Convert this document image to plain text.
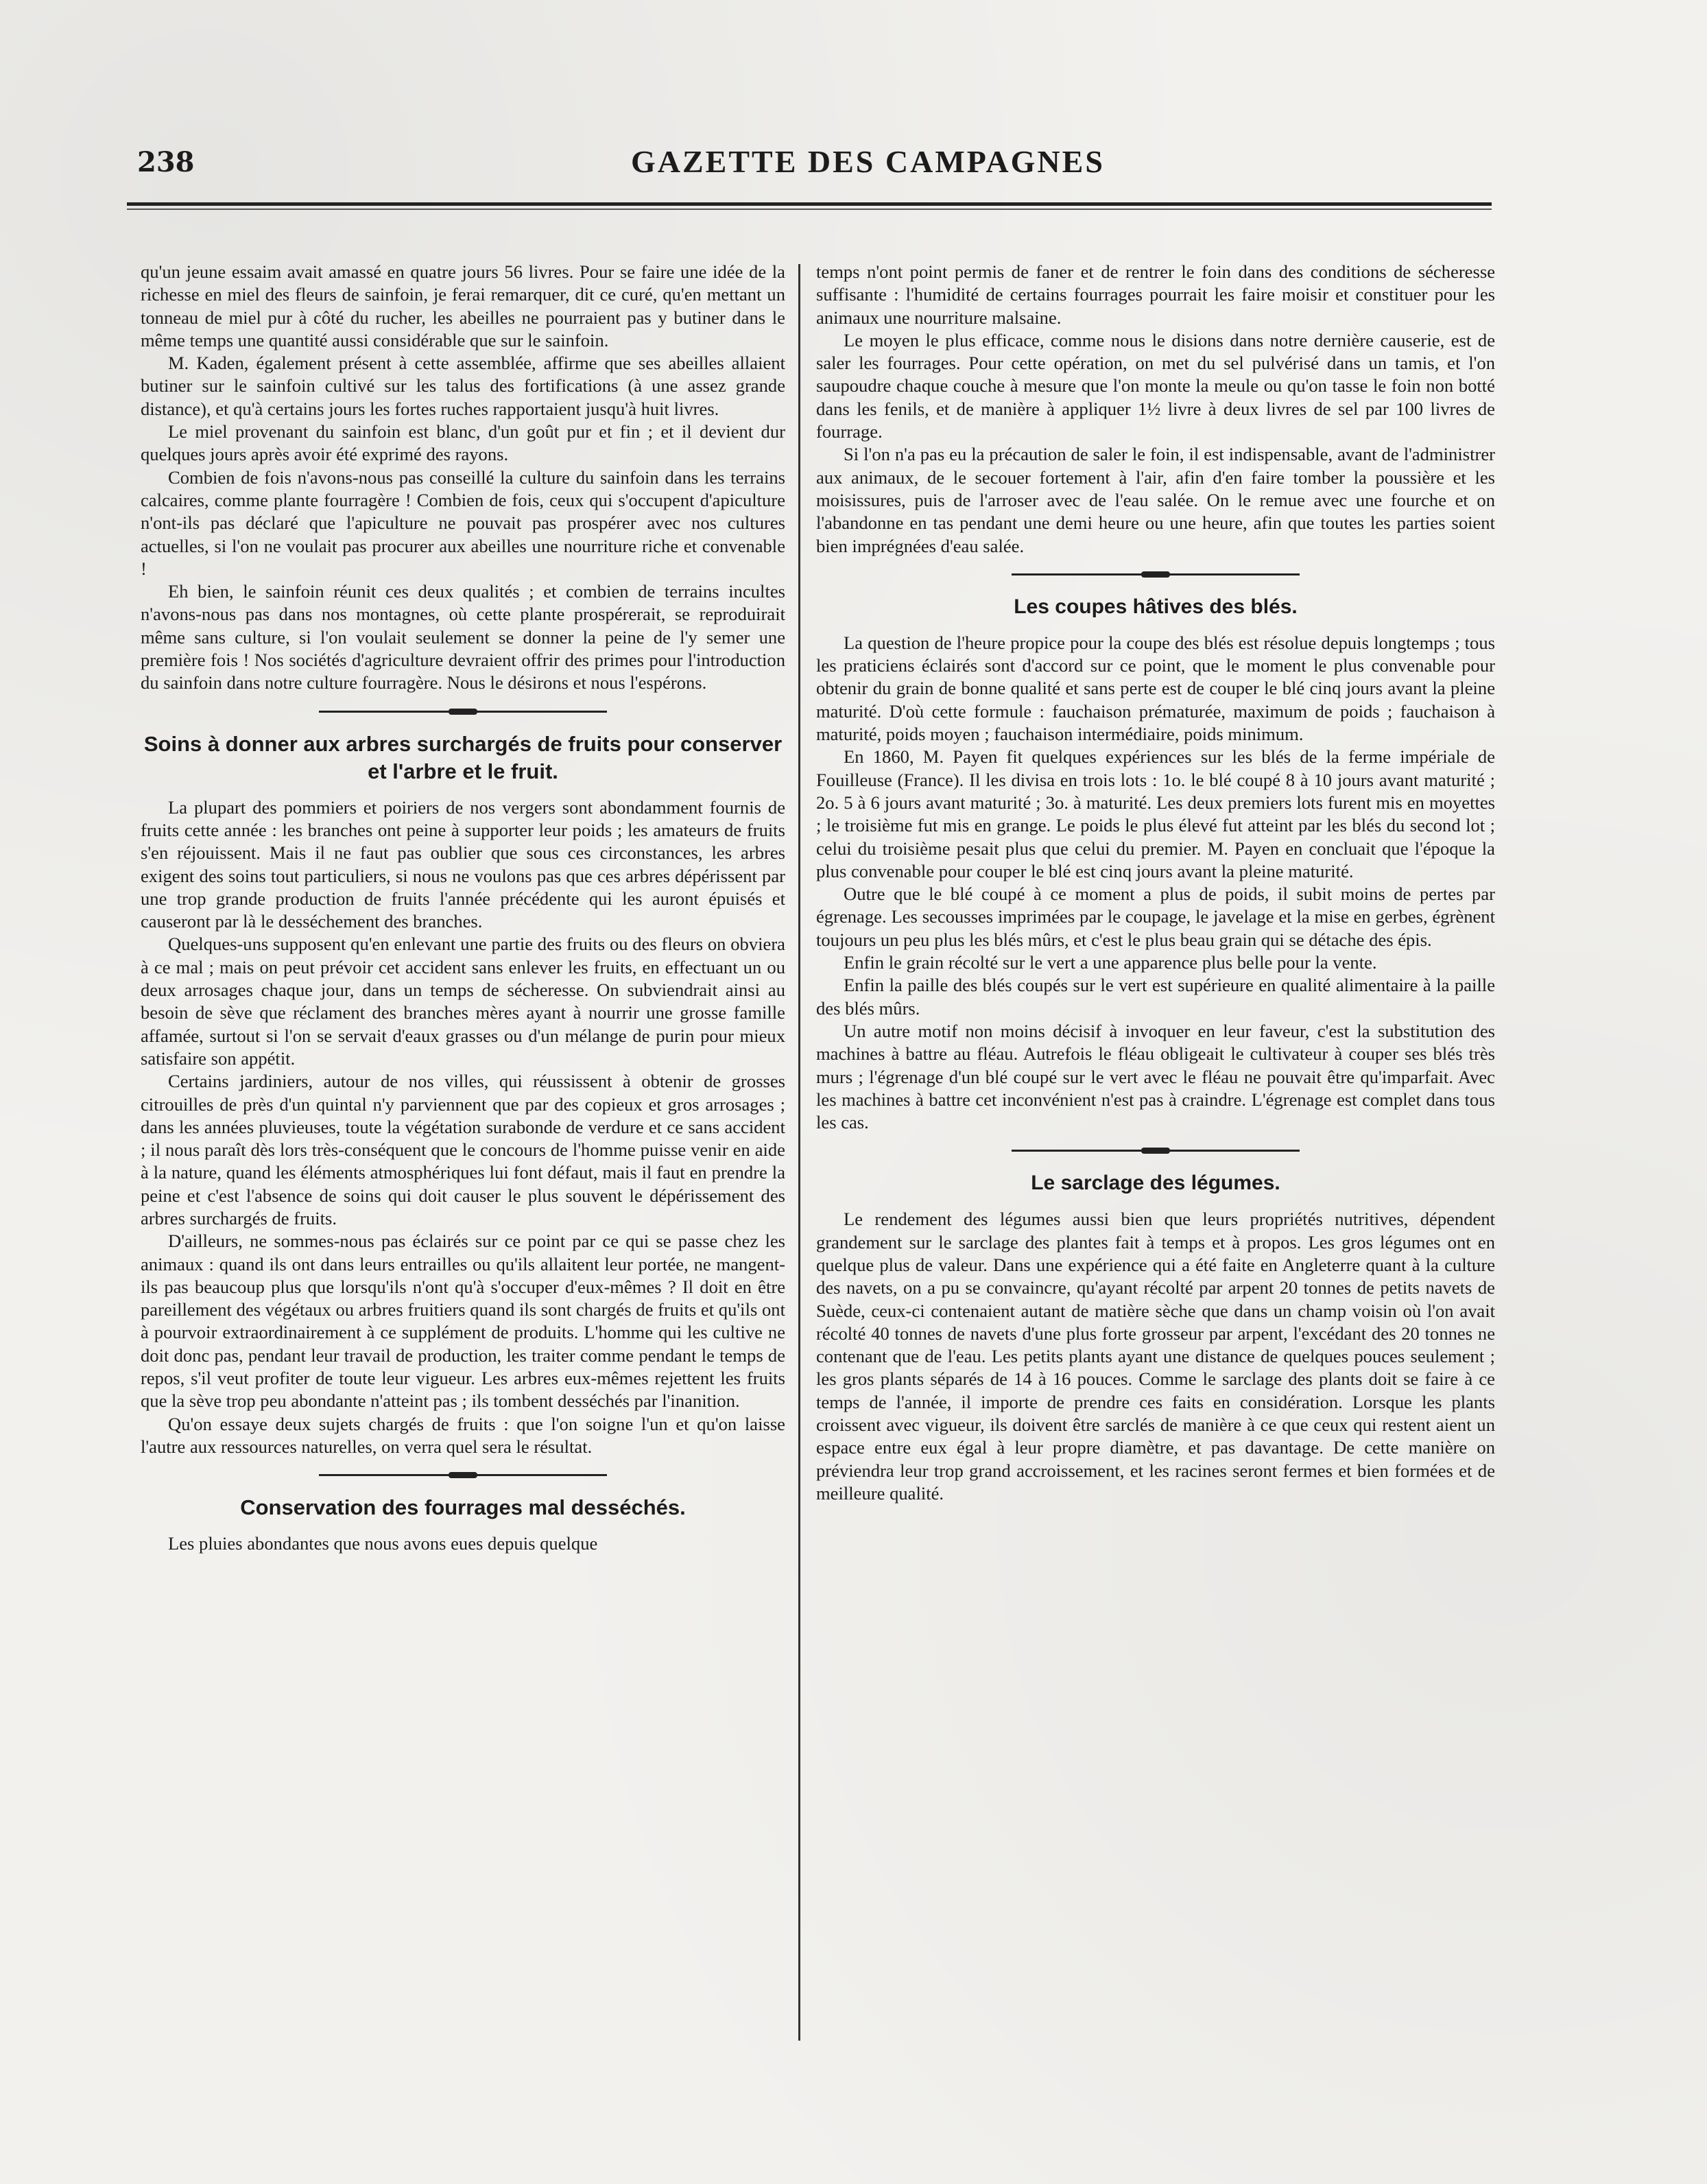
238	GAZETTE DES CAMPAGNES

qu'un jeune essaim avait amassé en quatre jours 56 livres. Pour se faire une idée de la richesse en miel des fleurs de sainfoin, je ferai remarquer, dit ce curé, qu'en mettant un tonneau de miel pur à côté du rucher, les abeilles ne pourraient pas y butiner dans le même temps une quantité aussi considérable que sur le sainfoin.

M. Kaden, également présent à cette assemblée, affirme que ses abeilles allaient butiner sur le sainfoin cultivé sur les talus des fortifications (à une assez grande distance), et qu'à certains jours les fortes ruches rapportaient jusqu'à huit livres.

Le miel provenant du sainfoin est blanc, d'un goût pur et fin ; et il devient dur quelques jours après avoir été exprimé des rayons.

Combien de fois n'avons-nous pas conseillé la culture du sainfoin dans les terrains calcaires, comme plante fourragère ! Combien de fois, ceux qui s'occupent d'apiculture n'ont-ils pas déclaré que l'apiculture ne pouvait pas prospérer avec nos cultures actuelles, si l'on ne voulait pas procurer aux abeilles une nourriture riche et convenable !

Eh bien, le sainfoin réunit ces deux qualités ; et combien de terrains incultes n'avons-nous pas dans nos montagnes, où cette plante prospérerait, se reproduirait même sans culture, si l'on voulait seulement se donner la peine de l'y semer une première fois ! Nos sociétés d'agriculture devraient offrir des primes pour l'introduction du sainfoin dans notre culture fourragère. Nous le désirons et nous l'espérons.

Soins à donner aux arbres surchargés de fruits pour conserver et l'arbre et le fruit.

La plupart des pommiers et poiriers de nos vergers sont abondamment fournis de fruits cette année : les branches ont peine à supporter leur poids ; les amateurs de fruits s'en réjouissent. Mais il ne faut pas oublier que sous ces circonstances, les arbres exigent des soins tout particuliers, si nous ne voulons pas que ces arbres dépérissent par une trop grande production de fruits l'année précédente qui les auront épuisés et causeront par là le desséchement des branches.

Quelques-uns supposent qu'en enlevant une partie des fruits ou des fleurs on obviera à ce mal ; mais on peut prévoir cet accident sans enlever les fruits, en effectuant un ou deux arrosages chaque jour, dans un temps de sécheresse. On subviendrait ainsi au besoin de sève que réclament des branches mères ayant à nourrir une grosse famille affamée, surtout si l'on se servait d'eaux grasses ou d'un mélange de purin pour mieux satisfaire son appétit.

Certains jardiniers, autour de nos villes, qui réussissent à obtenir de grosses citrouilles de près d'un quintal n'y parviennent que par des copieux et gros arrosages ; dans les années pluvieuses, toute la végétation surabonde de verdure et ce sans accident ; il nous paraît dès lors très-conséquent que le concours de l'homme puisse venir en aide à la nature, quand les éléments atmosphériques lui font défaut, mais il faut en prendre la peine et c'est l'absence de soins qui doit causer le plus souvent le dépérissement des arbres surchargés de fruits.

D'ailleurs, ne sommes-nous pas éclairés sur ce point par ce qui se passe chez les animaux : quand ils ont dans leurs entrailles ou qu'ils allaitent leur portée, ne mangent-ils pas beaucoup plus que lorsqu'ils n'ont qu'à s'occuper d'eux-mêmes ? Il doit en être pareillement des végétaux ou arbres fruitiers quand ils sont chargés de fruits et qu'ils ont à pourvoir extraordinairement à ce supplément de produits. L'homme qui les cultive ne doit donc pas, pendant leur travail de production, les traiter comme pendant le temps de repos, s'il veut profiter de toute leur vigueur. Les arbres eux-mêmes rejettent les fruits que la sève trop peu abondante n'atteint pas ; ils tombent desséchés par l'inanition.

Qu'on essaye deux sujets chargés de fruits : que l'on soigne l'un et qu'on laisse l'autre aux ressources naturelles, on verra quel sera le résultat.

Conservation des fourrages mal desséchés.

Les pluies abondantes que nous avons eues depuis quelque

temps n'ont point permis de faner et de rentrer le foin dans des conditions de sécheresse suffisante : l'humidité de certains fourrages pourrait les faire moisir et constituer pour les animaux une nourriture malsaine.

Le moyen le plus efficace, comme nous le disions dans notre dernière causerie, est de saler les fourrages. Pour cette opération, on met du sel pulvérisé dans un tamis, et l'on saupoudre chaque couche à mesure que l'on monte la meule ou qu'on tasse le foin non botté dans les fenils, et de manière à appliquer 1½ livre à deux livres de sel par 100 livres de fourrage.

Si l'on n'a pas eu la précaution de saler le foin, il est indispensable, avant de l'administrer aux animaux, de le secouer fortement à l'air, afin d'en faire tomber la poussière et les moisissures, puis de l'arroser avec de l'eau salée. On le remue avec une fourche et on l'abandonne en tas pendant une demi heure ou une heure, afin que toutes les parties soient bien imprégnées d'eau salée.

Les coupes hâtives des blés.

La question de l'heure propice pour la coupe des blés est résolue depuis longtemps ; tous les praticiens éclairés sont d'accord sur ce point, que le moment le plus convenable pour obtenir du grain de bonne qualité et sans perte est de couper le blé cinq jours avant la pleine maturité. D'où cette formule : fauchaison prématurée, maximum de poids ; fauchaison à maturité, poids moyen ; fauchaison intermédiaire, poids minimum.

En 1860, M. Payen fit quelques expériences sur les blés de la ferme impériale de Fouilleuse (France). Il les divisa en trois lots : 1o. le blé coupé 8 à 10 jours avant maturité ; 2o. 5 à 6 jours avant maturité ; 3o. à maturité. Les deux premiers lots furent mis en moyettes ; le troisième fut mis en grange. Le poids le plus élevé fut atteint par les blés du second lot ; celui du troisième pesait plus que celui du premier. M. Payen en concluait que l'époque la plus convenable pour couper le blé est cinq jours avant la pleine maturité.

Outre que le blé coupé à ce moment a plus de poids, il subit moins de pertes par égrenage. Les secousses imprimées par le coupage, le javelage et la mise en gerbes, égrènent toujours un peu plus les blés mûrs, et c'est le plus beau grain qui se détache des épis.

Enfin le grain récolté sur le vert a une apparence plus belle pour la vente.

Enfin la paille des blés coupés sur le vert est supérieure en qualité alimentaire à la paille des blés mûrs.

Un autre motif non moins décisif à invoquer en leur faveur, c'est la substitution des machines à battre au fléau. Autrefois le fléau obligeait le cultivateur à couper ses blés très murs ; l'égrenage d'un blé coupé sur le vert avec le fléau ne pouvait être qu'imparfait. Avec les machines à battre cet inconvénient n'est pas à craindre. L'égrenage est complet dans tous les cas.

Le sarclage des légumes.

Le rendement des légumes aussi bien que leurs propriétés nutritives, dépendent grandement sur le sarclage des plantes fait à temps et à propos. Les gros légumes ont en quelque plus de valeur. Dans une expérience qui a été faite en Angleterre quant à la culture des navets, on a pu se convaincre, qu'ayant récolté par arpent 20 tonnes de petits navets de Suède, ceux-ci contenaient autant de matière sèche que dans un champ voisin où l'on avait récolté 40 tonnes de navets d'une plus forte grosseur par arpent, l'excédant des 20 tonnes ne contenant que de l'eau. Les petits plants ayant une distance de quelques pouces seulement ; les gros plants séparés de 14 à 16 pouces. Comme le sarclage des plants doit se faire à ce temps de l'année, il importe de prendre ces faits en considération. Lorsque les plants croissent avec vigueur, ils doivent être sarclés de manière à ce que ceux qui restent aient un espace entre eux égal à leur propre diamètre, et pas davantage. De cette manière on préviendra leur trop grand accroissement, et les racines seront fermes et bien formées et de meilleure qualité.
